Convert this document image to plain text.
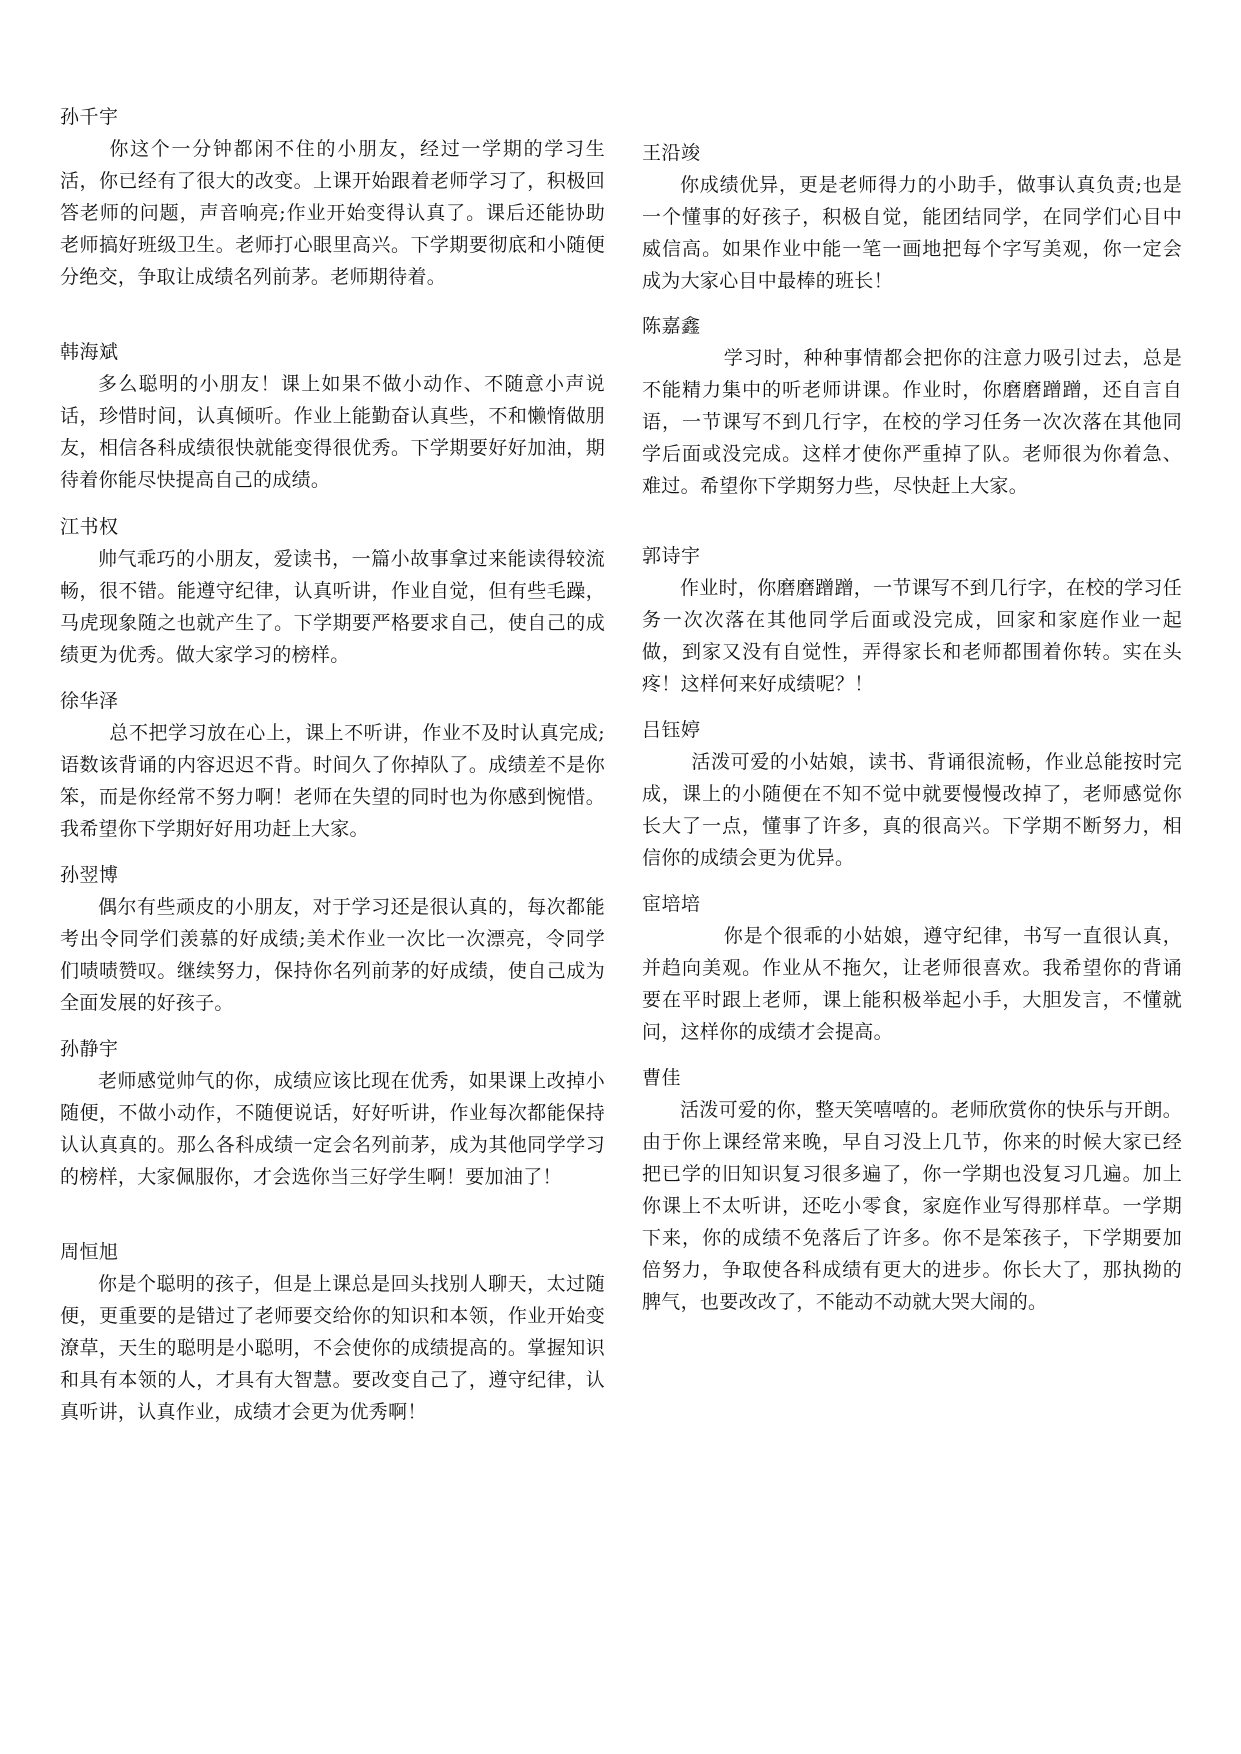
孙千宇

你这个一分钟都闲不住的小朋友，经过一学期的学习生活，你已经有了很大的改变。上课开始跟着老师学习了，积极回答老师的问题，声音响亮;作业开始变得认真了。课后还能协助老师搞好班级卫生。老师打心眼里高兴。下学期要彻底和小随便分绝交，争取让成绩名列前茅。老师期待着。

韩海斌

多么聪明的小朋友！课上如果不做小动作、不随意小声说话，珍惜时间，认真倾听。作业上能勤奋认真些，不和懒惰做朋友，相信各科成绩很快就能变得很优秀。下学期要好好加油，期待着你能尽快提高自己的成绩。

江书权

帅气乖巧的小朋友，爱读书，一篇小故事拿过来能读得较流畅，很不错。能遵守纪律，认真听讲，作业自觉，但有些毛躁，马虎现象随之也就产生了。下学期要严格要求自己，使自己的成绩更为优秀。做大家学习的榜样。

徐华泽

总不把学习放在心上，课上不听讲，作业不及时认真完成;语数该背诵的内容迟迟不背。时间久了你掉队了。成绩差不是你笨，而是你经常不努力啊！老师在失望的同时也为你感到惋惜。我希望你下学期好好用功赶上大家。

孙翌博

偶尔有些顽皮的小朋友，对于学习还是很认真的，每次都能考出令同学们羡慕的好成绩;美术作业一次比一次漂亮，令同学们啧啧赞叹。继续努力，保持你名列前茅的好成绩，使自己成为全面发展的好孩子。

孙静宇

老师感觉帅气的你，成绩应该比现在优秀，如果课上改掉小随便，不做小动作，不随便说话，好好听讲，作业每次都能保持认认真真的。那么各科成绩一定会名列前茅，成为其他同学学习的榜样，大家佩服你，才会选你当三好学生啊！要加油了！

周恒旭

你是个聪明的孩子，但是上课总是回头找别人聊天，太过随便，更重要的是错过了老师要交给你的知识和本领，作业开始变潦草，天生的聪明是小聪明，不会使你的成绩提高的。掌握知识和具有本领的人，才具有大智慧。要改变自己了，遵守纪律，认真听讲，认真作业，成绩才会更为优秀啊！

王沿竣

你成绩优异，更是老师得力的小助手，做事认真负责;也是一个懂事的好孩子，积极自觉，能团结同学，在同学们心目中威信高。如果作业中能一笔一画地把每个字写美观，你一定会成为大家心目中最棒的班长！

陈嘉鑫

学习时，种种事情都会把你的注意力吸引过去，总是不能精力集中的听老师讲课。作业时，你磨磨蹭蹭，还自言自语，一节课写不到几行字，在校的学习任务一次次落在其他同学后面或没完成。这样才使你严重掉了队。老师很为你着急、难过。希望你下学期努力些，尽快赶上大家。

郭诗宇

作业时，你磨磨蹭蹭，一节课写不到几行字，在校的学习任务一次次落在其他同学后面或没完成，回家和家庭作业一起做，到家又没有自觉性，弄得家长和老师都围着你转。实在头疼！这样何来好成绩呢？！

吕钰婷

活泼可爱的小姑娘，读书、背诵很流畅，作业总能按时完成，课上的小随便在不知不觉中就要慢慢改掉了，老师感觉你长大了一点，懂事了许多，真的很高兴。下学期不断努力，相信你的成绩会更为优异。

宦培培

你是个很乖的小姑娘，遵守纪律，书写一直很认真，并趋向美观。作业从不拖欠，让老师很喜欢。我希望你的背诵要在平时跟上老师，课上能积极举起小手，大胆发言，不懂就问，这样你的成绩才会提高。

曹佳

活泼可爱的你，整天笑嘻嘻的。老师欣赏你的快乐与开朗。由于你上课经常来晚，早自习没上几节，你来的时候大家已经把已学的旧知识复习很多遍了，你一学期也没复习几遍。加上你课上不太听讲，还吃小零食，家庭作业写得那样草。一学期下来，你的成绩不免落后了许多。你不是笨孩子，下学期要加倍努力，争取使各科成绩有更大的进步。你长大了，那执拗的脾气，也要改改了，不能动不动就大哭大闹的。
